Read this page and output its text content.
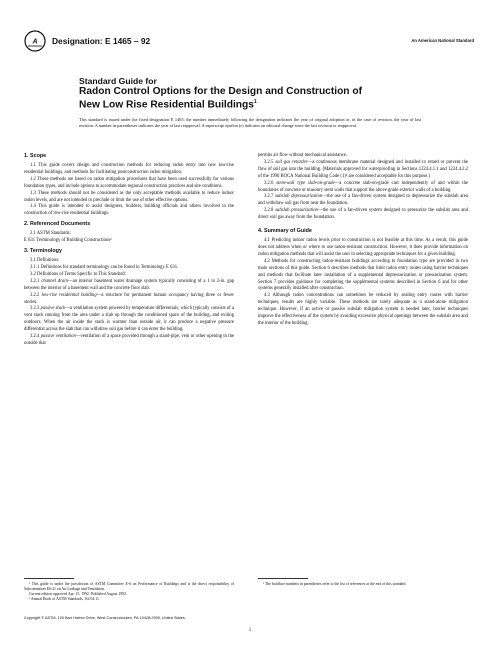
A Designation: E 1465 – 92	An American National Standard
Standard Guide for
Radon Control Options for the Design and Construction of
New Low Rise Residential Buildings$^1$
This standard is issued under the fixed designation E 1465; the number immediately following the designation indicates the year of original adoption or, in the case of revision, the year of last revision. A number in parentheses indicates the year of last reapproval. A superscript epsilon (ε) indicates an editorial change since the last revision or reapproval.
1. Scope

1.1 This guide covers design and construction methods for reducing radon entry into new low-rise residential buildings, and methods for facilitating postconstruction radon mitigation.

1.2 These methods are based on radon mitigation procedures that have been used successfully for various foundation types, and include options to accommodate regional construction practices and site conditions.

1.3 These methods should not be considered as the only acceptable methods available to reduce indoor radon levels, and are not intended to preclude or limit the use of other effective options.

1.4 This guide is intended to assist designers, builders, building officials and others involved in the construction of low-rise residential buildings.

2. Referenced Documents

2.1 ASTM Standards:

E 631 Terminology of Building Constructions²

3. Terminology

3.1 Definitions:

3.1.1 Definitions for standard terminology can be found in Terminology E 631.

3.2 Definitions of Terms Specific to This Standard:

3.2.1 channel drain—an interior basement water drainage system typically consisting of a 1 to 2-in. gap between the interior of a basement wall and the concrete floor slab.

3.2.2 low-rise residential building—a structure for permanent human occupancy having three or fewer stories.

3.2.3 passive stack—a ventilation system powered by temperature differentials, which typically consists of a vent stack running from the area under a slab up through the conditioned space of the building, and exiting outdoors. When the air inside the stack is warmer than outside air, it can produce a negative pressure differential across the slab that can withdraw soil gas before it can enter the building.

3.2.4 passive ventilation—ventilation of a space provided through a stand-pipe, vent or other opening to the outside that

permits air flow without mechanical assistance.

3.2.5 soil gas retarder—a continuous membrane material designed and installed to retard or prevent the flow of soil gas into the building. (Materials approved for waterproofing in Sections 1224.4.1.1 and 1224.4.2.2 of the 1990 BOCA National Building Code (1)³ are considered acceptable for this purpose.)

3.2.6 stem-wall type slab-on-grade—a concrete slab-on-grade cast independently of and within the boundaries of concrete or masonry stem walls that support the above grade exterior walls of a building.

3.2.7 subslab depressurization—the use of a fan-driven system designed to depressurize the subslab area and withdraw soil gas from near the foundation.

3.2.8 subslab pressurization—the use of a fan-driven system designed to pressurize the subslab area and direct soil gas away from the foundation.

4. Summary of Guide

4.1 Predicting indoor radon levels prior to construction is not feasible at this time. As a result, this guide does not address when or where to use radon-resistant construction. However, it does provide information on radon mitigation methods that will assist the user in selecting appropriate techniques for a given building.

4.2 Methods for constructing radon-resistant buildings according to foundation type are provided in two main sections of this guide. Section 6 describes methods that limit radon entry routes using barrier techniques and methods that facilitate later installation of a supplemental depressurization or pressurization system. Section 7 provides guidance for completing the supplemental systems described in Section 6 and for other systems generally installed after construction.

4.3 Although radon concentrations can sometimes be reduced by sealing entry routes with barrier techniques, results are highly variable. These methods are rarely adequate as a stand-alone mitigation technique. However, if an active or passive subslab mitigation system is needed later, barrier techniques improve the effectiveness of the system by avoiding excessive physical openings between the subslab area and the interior of the building.

¹ This guide is under the jurisdiction of ASTM Committee E-6 on Performance of Buildings and is the direct responsibility of Subcommittee E6.41 on Air Leakage and Ventilation.

Current edition approved Apr. 15, 1992. Published August 1992.

² Annual Book of ASTM Standards, Vol 04.11.

³ The boldface numbers in parentheses refer to the list of references at the end of this standard.

Copyright © ASTM, 100 Barr Harbor Drive, West Conshohocken, PA 19428-2959, United States.
1
